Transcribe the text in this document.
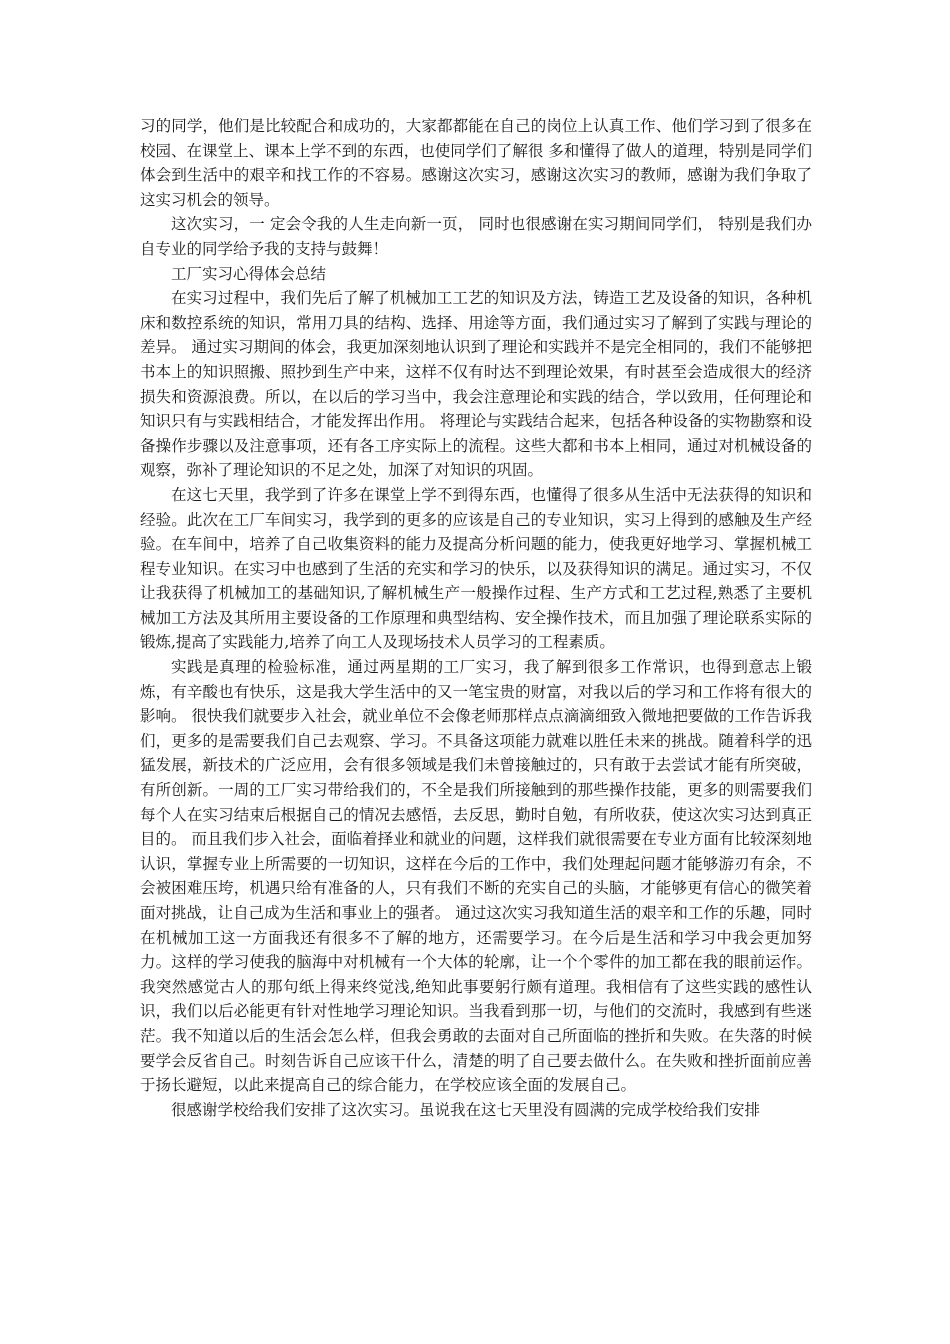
习的同学，他们是比较配合和成功的，大家都都能在自己的岗位上认真工作、他们学习到了很多在校园、在课堂上、课本上学不到的东西，也使同学们了解很 多和懂得了做人的道理，特别是同学们体会到生活中的艰辛和找工作的不容易。感谢这次实习，感谢这次实习的教师，感谢为我们争取了这实习机会的领导。

这次实习，一 定会令我的人生走向新一页， 同时也很感谢在实习期间同学们， 特别是我们办自专业的同学给予我的支持与鼓舞！

工厂实习心得体会总结

在实习过程中，我们先后了解了机械加工工艺的知识及方法，铸造工艺及设备的知识，各种机床和数控系统的知识，常用刀具的结构、选择、用途等方面，我们通过实习了解到了实践与理论的差异。 通过实习期间的体会，我更加深刻地认识到了理论和实践并不是完全相同的，我们不能够把书本上的知识照搬、照抄到生产中来，这样不仅有时达不到理论效果，有时甚至会造成很大的经济损失和资源浪费。所以，在以后的学习当中，我会注意理论和实践的结合，学以致用，任何理论和知识只有与实践相结合，才能发挥出作用。 将理论与实践结合起来，包括各种设备的实物勘察和设备操作步骤以及注意事项，还有各工序实际上的流程。这些大都和书本上相同，通过对机械设备的观察，弥补了理论知识的不足之处，加深了对知识的巩固。

在这七天里，我学到了许多在课堂上学不到得东西，也懂得了很多从生活中无法获得的知识和经验。此次在工厂车间实习，我学到的更多的应该是自己的专业知识，实习上得到的感触及生产经验。在车间中，培养了自己收集资料的能力及提高分析问题的能力，使我更好地学习、掌握机械工程专业知识。在实习中也感到了生活的充实和学习的快乐，以及获得知识的满足。通过实习，不仅让我获得了机械加工的基础知识,了解机械生产一般操作过程、生产方式和工艺过程,熟悉了主要机械加工方法及其所用主要设备的工作原理和典型结构、安全操作技术，而且加强了理论联系实际的锻炼,提高了实践能力,培养了向工人及现场技术人员学习的工程素质。

实践是真理的检验标准，通过两星期的工厂实习，我了解到很多工作常识，也得到意志上锻炼，有辛酸也有快乐，这是我大学生活中的又一笔宝贵的财富，对我以后的学习和工作将有很大的影响。 很快我们就要步入社会，就业单位不会像老师那样点点滴滴细致入微地把要做的工作告诉我们，更多的是需要我们自己去观察、学习。不具备这项能力就难以胜任未来的挑战。随着科学的迅猛发展，新技术的广泛应用，会有很多领域是我们未曾接触过的，只有敢于去尝试才能有所突破，有所创新。一周的工厂实习带给我们的，不全是我们所接触到的那些操作技能，更多的则需要我们每个人在实习结束后根据自己的情况去感悟，去反思，勤时自勉，有所收获，使这次实习达到真正目的。 而且我们步入社会，面临着择业和就业的问题，这样我们就很需要在专业方面有比较深刻地认识，掌握专业上所需要的一切知识，这样在今后的工作中，我们处理起问题才能够游刃有余，不会被困难压垮，机遇只给有准备的人，只有我们不断的充实自己的头脑，才能够更有信心的微笑着面对挑战，让自己成为生活和事业上的强者。 通过这次实习我知道生活的艰辛和工作的乐趣，同时在机械加工这一方面我还有很多不了解的地方，还需要学习。在今后是生活和学习中我会更加努力。这样的学习使我的脑海中对机械有一个大体的轮廓，让一个个零件的加工都在我的眼前运作。我突然感觉古人的那句纸上得来终觉浅,绝知此事要躬行颇有道理。我相信有了这些实践的感性认识，我们以后必能更有针对性地学习理论知识。当我看到那一切，与他们的交流时，我感到有些迷茫。我不知道以后的生活会怎么样，但我会勇敢的去面对自己所面临的挫折和失败。在失落的时候要学会反省自己。时刻告诉自己应该干什么，清楚的明了自己要去做什么。在失败和挫折面前应善于扬长避短，以此来提高自己的综合能力，在学校应该全面的发展自己。

很感谢学校给我们安排了这次实习。虽说我在这七天里没有圆满的完成学校给我们安排
